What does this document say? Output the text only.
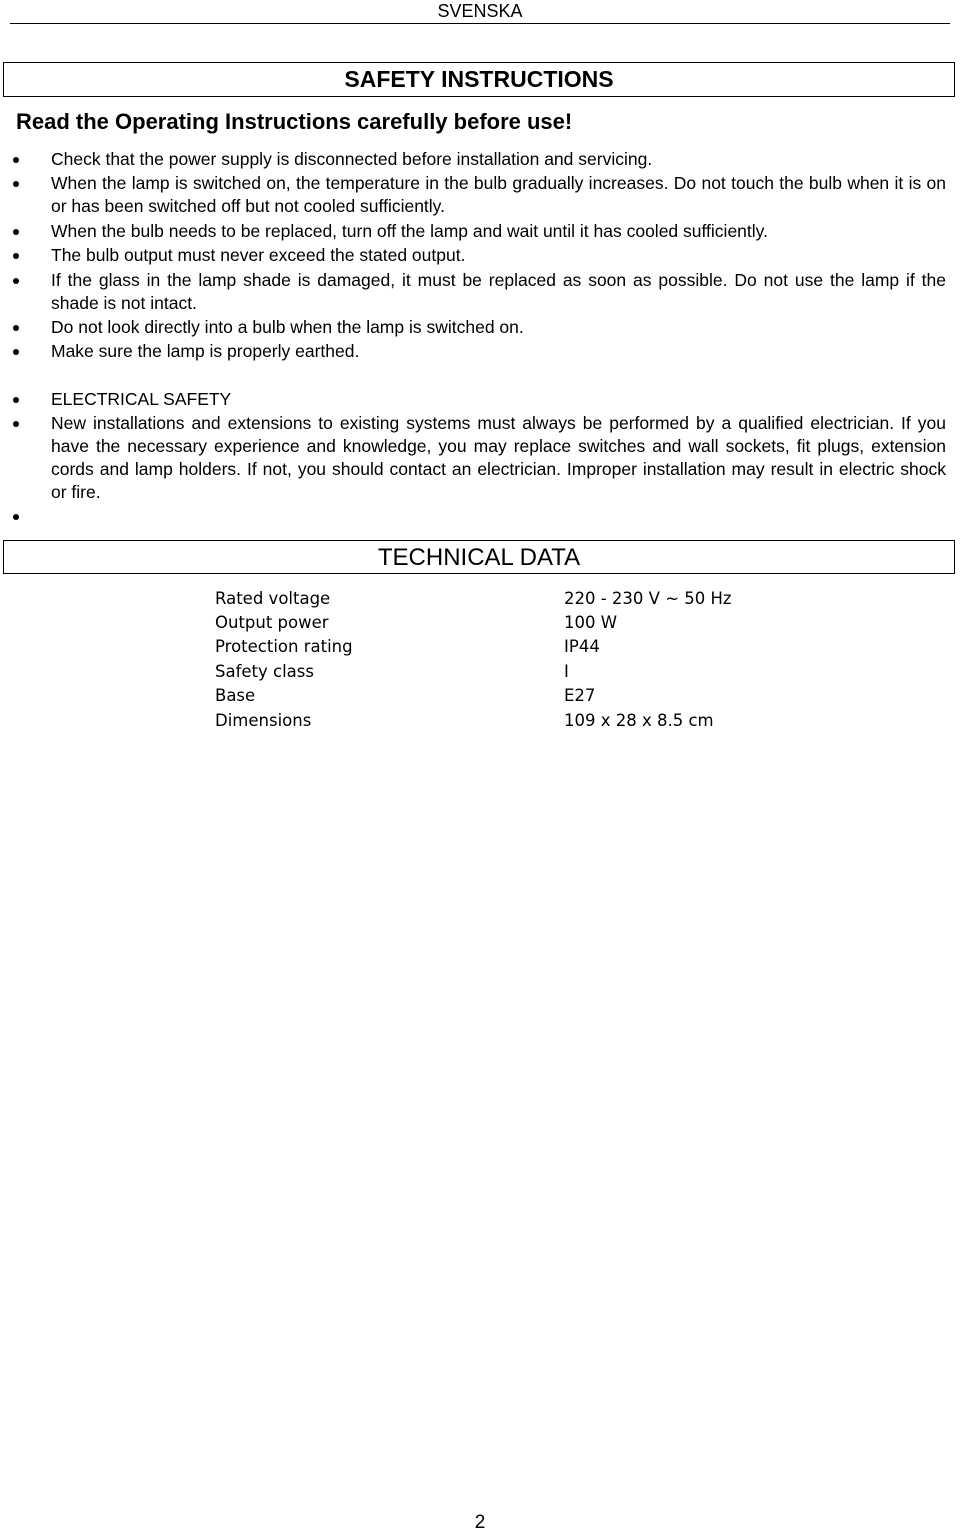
SVENSKA
SAFETY INSTRUCTIONS
Read the Operating Instructions carefully before use!
Check that the power supply is disconnected before installation and servicing.
When the lamp is switched on, the temperature in the bulb gradually increases. Do not touch the bulb when it is on or has been switched off but not cooled sufficiently.
When the bulb needs to be replaced, turn off the lamp and wait until it has cooled sufficiently.
The bulb output must never exceed the stated output.
If the glass in the lamp shade is damaged, it must be replaced as soon as possible. Do not use the lamp if the shade is not intact.
Do not look directly into a bulb when the lamp is switched on.
Make sure the lamp is properly earthed.
ELECTRICAL SAFETY
New installations and extensions to existing systems must always be performed by a qualified electrician. If you have the necessary experience and knowledge, you may replace switches and wall sockets, fit plugs, extension cords and lamp holders. If not, you should contact an electrician. Improper installation may result in electric shock or fire.
TECHNICAL DATA
Rated voltage	220 - 230 V ~ 50 Hz
Output power	100 W
Protection rating	IP44
Safety class	I
Base	E27
Dimensions	109 x 28 x 8.5 cm
2
